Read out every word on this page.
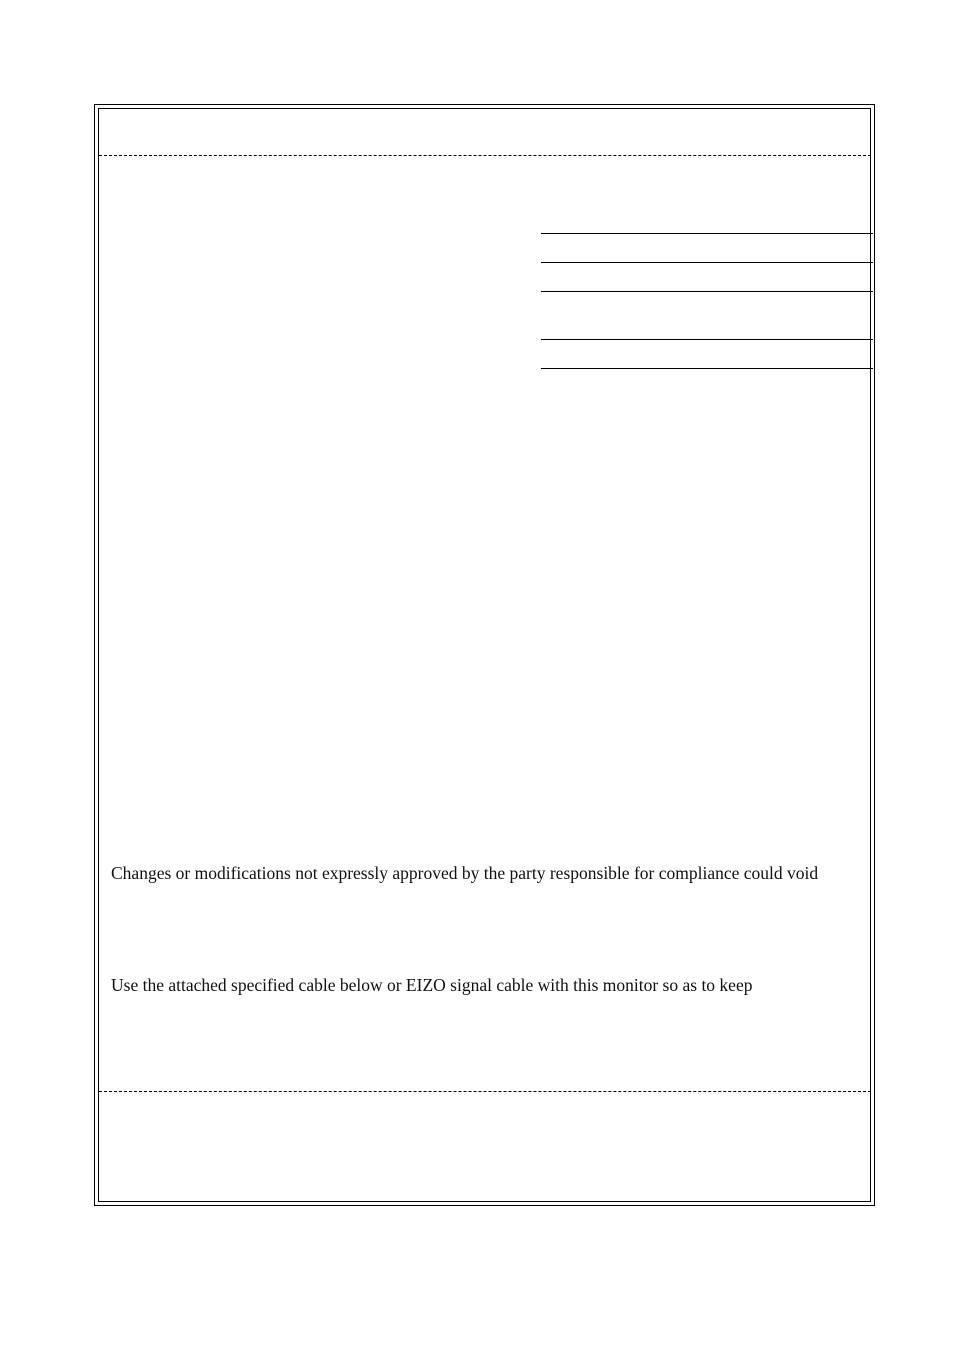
Changes or modifications not expressly approved by the party responsible for compliance could void
Use the attached specified cable below or EIZO signal cable with this monitor so as to keep
